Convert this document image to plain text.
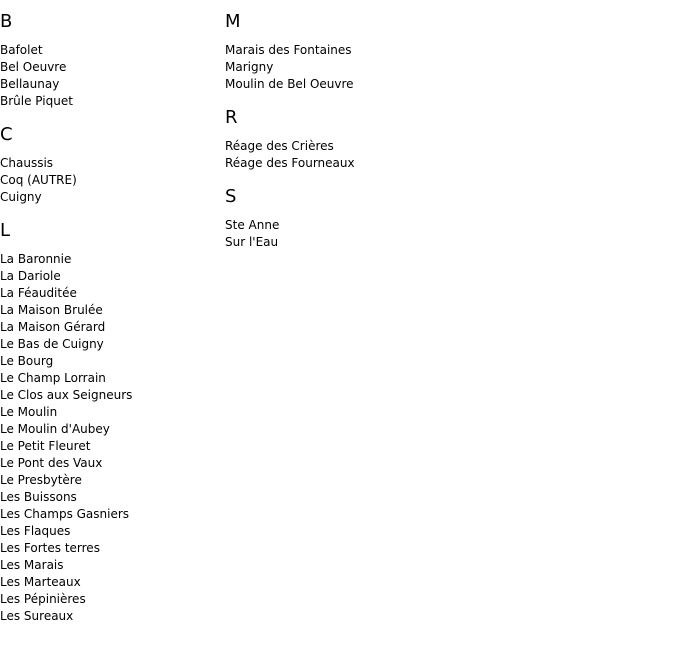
B
Bafolet
Bel Oeuvre
Bellaunay
Brûle Piquet
C
Chaussis
Coq (AUTRE)
Cuigny
L
La Baronnie
La Dariole
La Féauditée
La Maison Brulée
La Maison Gérard
Le Bas de Cuigny
Le Bourg
Le Champ Lorrain
Le Clos aux Seigneurs
Le Moulin
Le Moulin d'Aubey
Le Petit Fleuret
Le Pont des Vaux
Le Presbytère
Les Buissons
Les Champs Gasniers
Les Flaques
Les Fortes terres
Les Marais
Les Marteaux
Les Pépinières
Les Sureaux
M
Marais des Fontaines
Marigny
Moulin de Bel Oeuvre
R
Réage des Crières
Réage des Fourneaux
S
Ste Anne
Sur l'Eau
